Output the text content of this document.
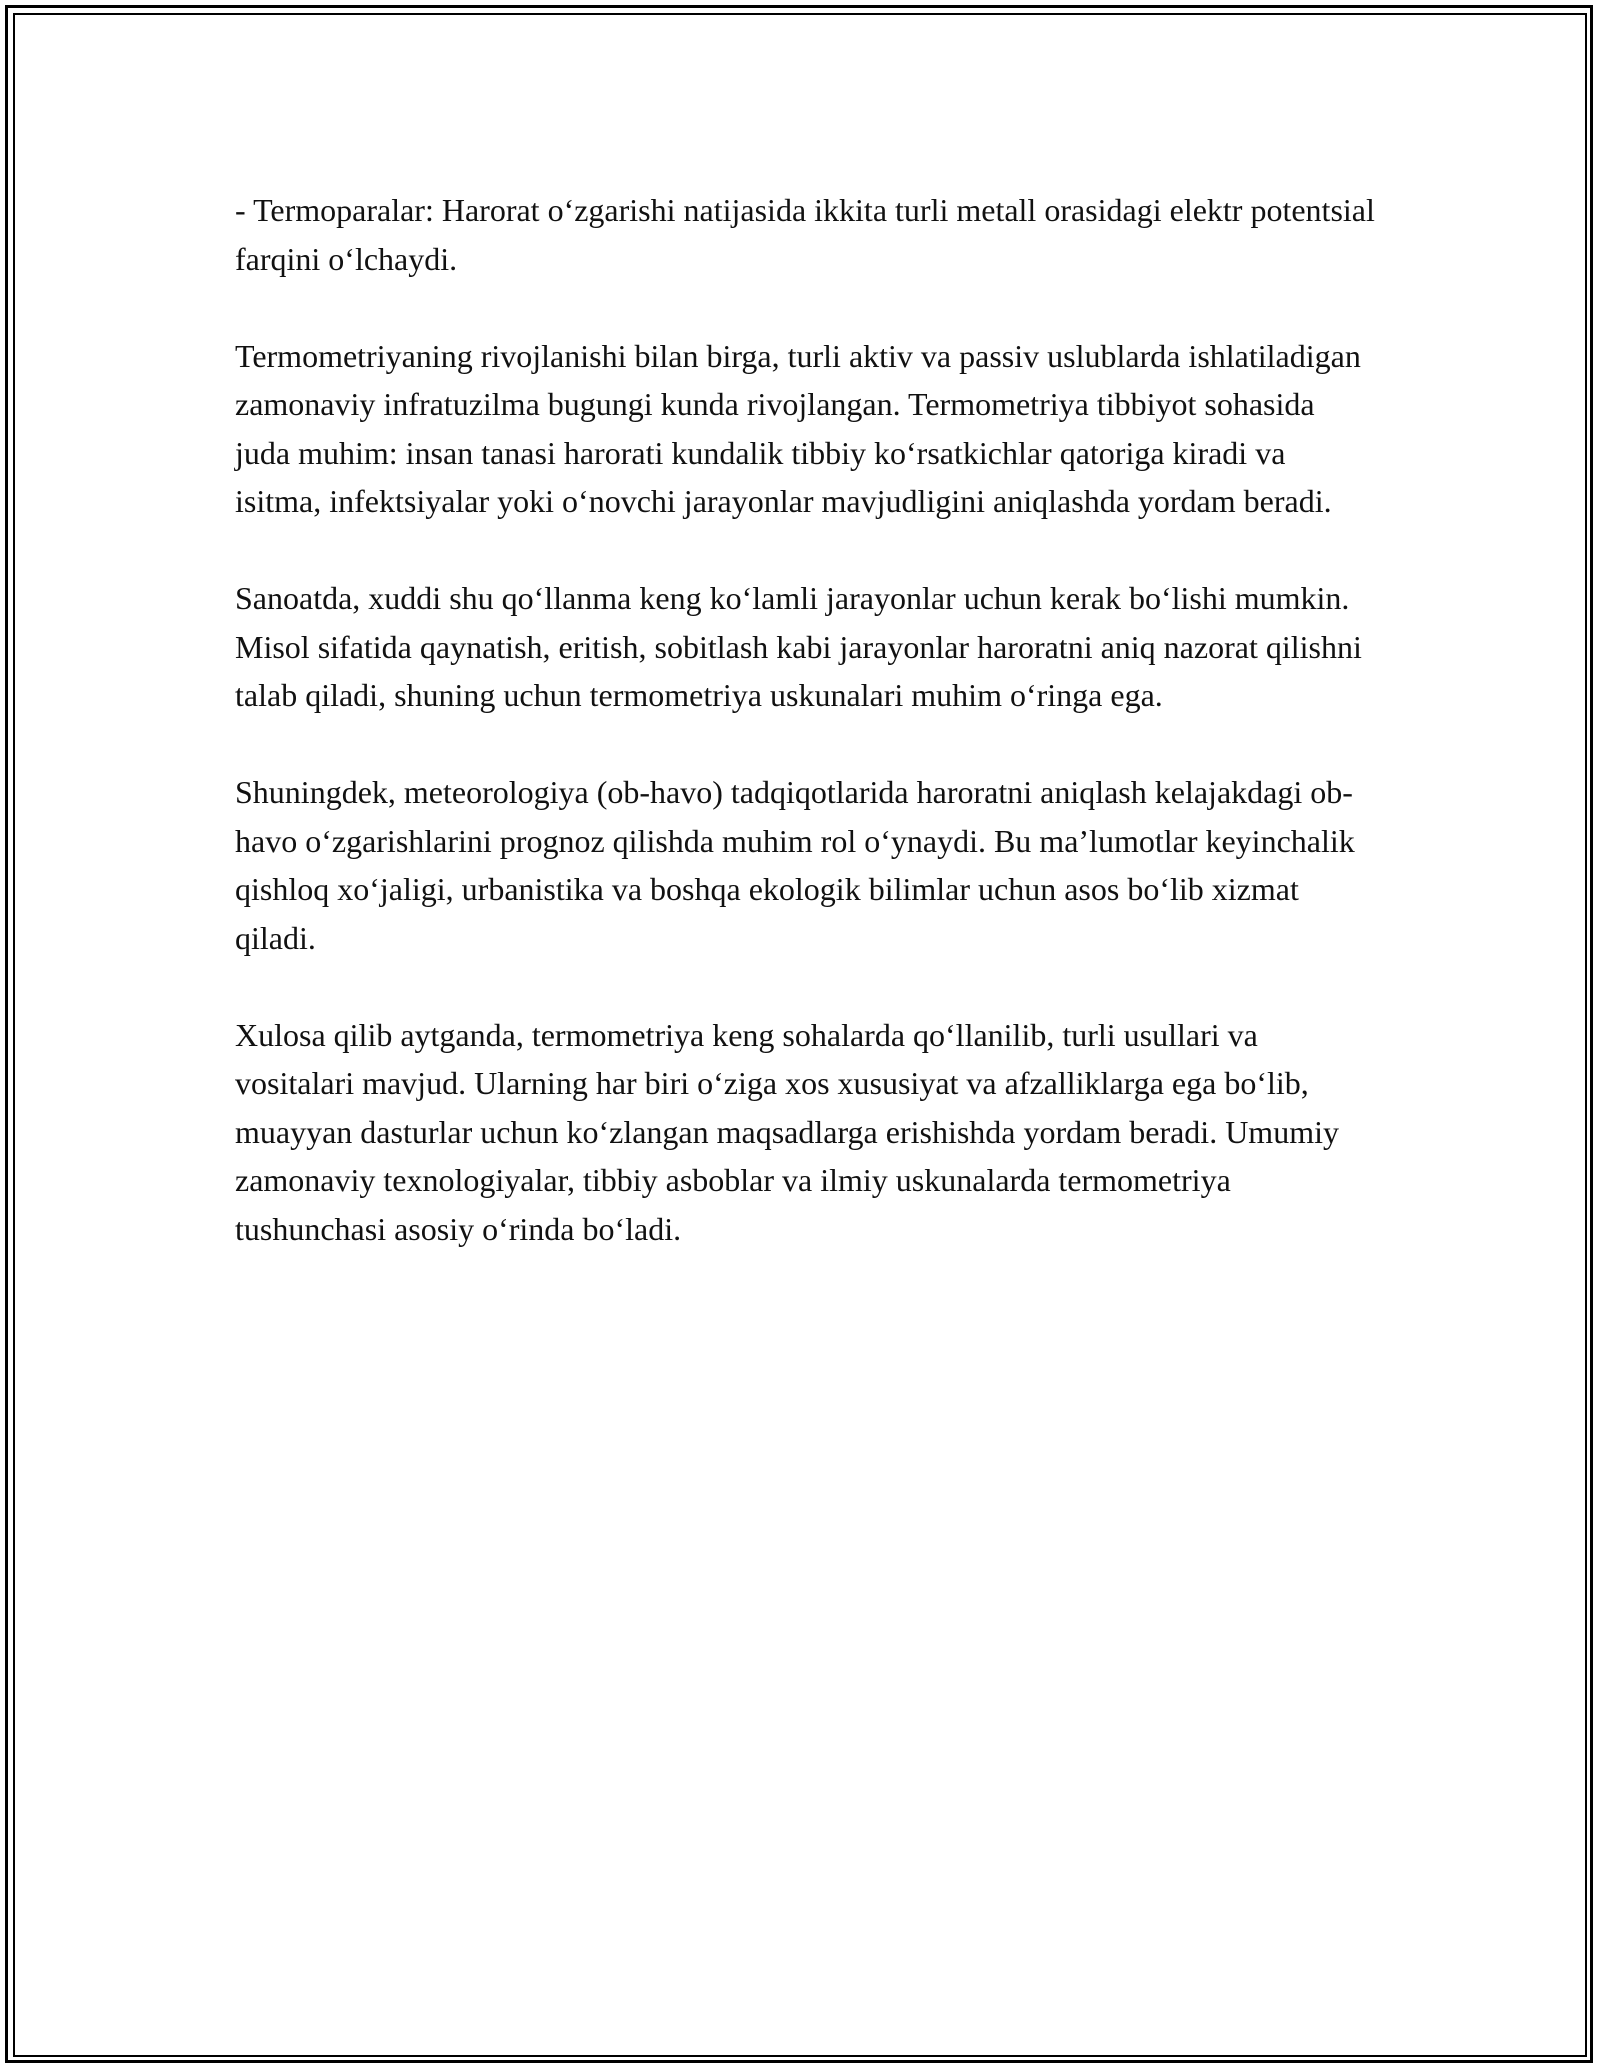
- Termoparalar: Harorat o‘zgarishi natijasida ikkita turli metall orasidagi elektr potentsial farqini o‘lchaydi.

Termometriyaning rivojlanishi bilan birga, turli aktiv va passiv uslublarda ishlatiladigan zamonaviy infratuzilma bugungi kunda rivojlangan. Termometriya tibbiyot sohasida juda muhim: insan tanasi harorati kundalik tibbiy ko‘rsatkichlar qatoriga kiradi va isitma, infektsiyalar yoki o‘novchi jarayonlar mavjudligini aniqlashda yordam beradi.

Sanoatda, xuddi shu qo‘llanma keng ko‘lamli jarayonlar uchun kerak bo‘lishi mumkin. Misol sifatida qaynatish, eritish, sobitlash kabi jarayonlar haroratni aniq nazorat qilishni talab qiladi, shuning uchun termometriya uskunalari muhim o‘ringa ega.

Shuningdek, meteorologiya (ob-havo) tadqiqotlarida haroratni aniqlash kelajakdagi ob-havo o‘zgarishlarini prognoz qilishda muhim rol o‘ynaydi. Bu ma’lumotlar keyinchalik qishloq xo‘jaligi, urbanistika va boshqa ekologik bilimlar uchun asos bo‘lib xizmat qiladi.

Xulosa qilib aytganda, termometriya keng sohalarda qo‘llanilib, turli usullari va vositalari mavjud. Ularning har biri o‘ziga xos xususiyat va afzalliklarga ega bo‘lib, muayyan dasturlar uchun ko‘zlangan maqsadlarga erishishda yordam beradi. Umumiy zamonaviy texnologiyalar, tibbiy asboblar va ilmiy uskunalarda termometriya tushunchasi asosiy o‘rinda bo‘ladi.
